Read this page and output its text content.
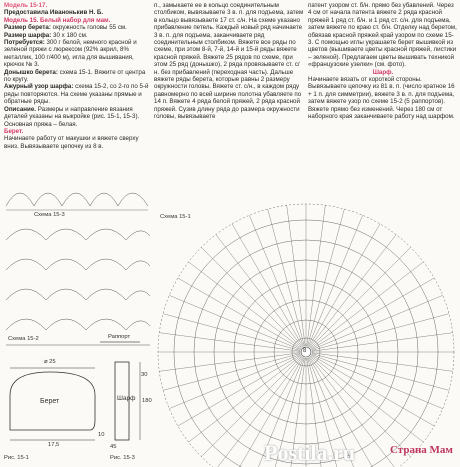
Модель 15-17.

Предоставила Иванонькив Н. Б.

Модель 15. Белый набор для мам.

Размер берета: окружность головы 55 см.

Размер шарфа: 30 х 180 см.

Потребуется: 300 г белой, немного красной и зеленой пряжи с люрексом (92% акрил, 8% металлик, 100 г/400 м), игла для вышивания, крючок № 3.

Донышко берета: схема 15-1. Вяжите от центра по кругу.

Ажурный узор шарфа: схема 15-2, со 2-го по 5-й ряды повторяются. На схеме указаны прямые и обратные ряды.

Описание. Размеры и направление вязания деталей указаны на выкройке (рис. 15-1, 15-3). Основная пряжа – белая.

Берет.

Начинаете работу от макушки и вяжете сверху вниз. Вывязываете цепочку из 8 в.

п., замыкаете ее в кольцо соединительным столбиком, вывязываете 3 в. п. для подъема, затем в кольцо вывязываете 17 ст. с/н. На схеме указано прибавление петель. Каждый новый ряд начинаете 3 в. п. для подъема, заканчиваете ряд соединительным столбиком. Вяжете все ряды по схеме, при этом 8-й, 7-й, 14-й и 15-й ряды вяжете красной пряжей. Вяжете 25 рядов по схеме, при этом 25 ряд (донышко), 2 ряда провязываете ст. с/н. без прибавлений (переходная часть). Дальше вяжете ряды берета, которые равны 2 размеру окружности головы. Вяжете ст. с/н., в каждом ряду равномерно по всей ширине полотна убавляете по 14 п. Вяжете 4 ряда белой пряжей, 2 ряда красной пряжей. Сузив длину ряда до размера окружности головы, вывязываете

патент узором ст. б/н. прямо без убавлений. Через 4 см от начала патента вяжете 2 ряда красной пряжей 1 ряд ст. б/н. и 1 ряд ст. с/н. для подъема, затем вяжете по краю ст. б/н. Отделку над беретом, обвязав красной пряжей край узором по схеме 15-3. С помощью иглы украшаете берет вышивкой из цветов (вышиваете цветы красной пряжей, листики – зеленой). Предлагаем цветы вышивать техникой «французские узелки» (см. фото).

Шарф.

Начинаете вязать от короткой стороны. Вывязываете цепочку из 81 в. п. (число кратное 16 + 1 п. для симметрии), вяжете 3 в. п. для подъема, затем вяжете узор по схеме 15-2 (5 раппортов). Вяжете прямо без изменений. Через 180 см от наборного края заканчиваете работу над шарфом.

Схема 15-3
Схема 15-2	Раппорт
⌀ 25
Берет	Шарф
30
180
17,5
10
45
Рис. 15-1	Рис. 15-3
Схема 15-1
8
Postila.ru	Страна Мам
